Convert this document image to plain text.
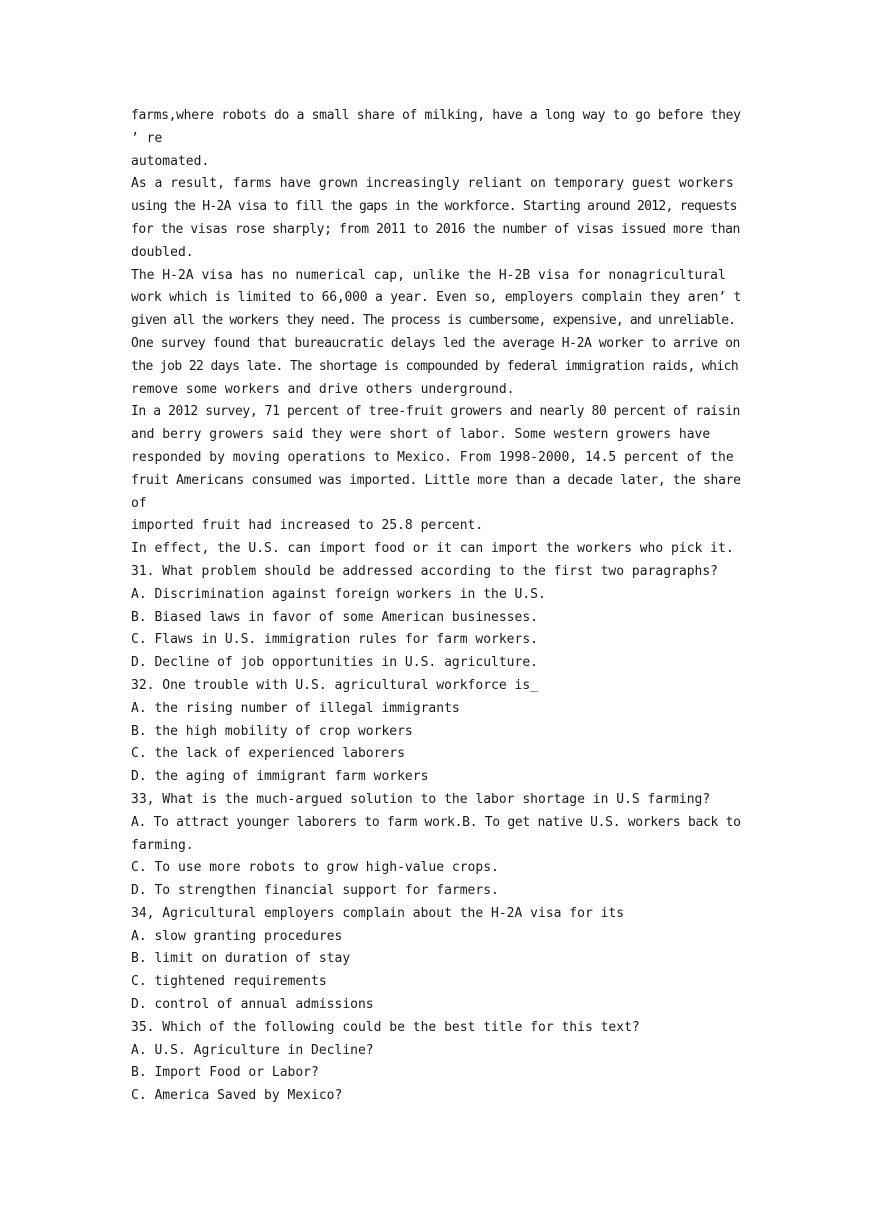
farms,where robots do a small share of milking, have a long way to go before they
’ re
automated.
As a result, farms have grown increasingly reliant on temporary guest workers
using the H-2A visa to fill the gaps in the workforce. Starting around 2012, requests
for the visas rose sharply; from 2011 to 2016 the number of visas issued more than
doubled.
The H-2A visa has no numerical cap, unlike the H-2B visa for nonagricultural
work which is limited to 66,000 a year. Even so, employers complain they aren’ t
given all the workers they need. The process is cumbersome, expensive, and unreliable.
One survey found that bureaucratic delays led the average H-2A worker to arrive on
the job 22 days late. The shortage is compounded by federal immigration raids, which
remove some workers and drive others underground.
In a 2012 survey, 71 percent of tree-fruit growers and nearly 80 percent of raisin
and berry growers said they were short of labor. Some western growers have
responded by moving operations to Mexico. From 1998-2000, 14.5 percent of the
fruit Americans consumed was imported. Little more than a decade later, the share
of
imported fruit had increased to 25.8 percent.
In effect, the U.S. can import food or it can import the workers who pick it.
31. What problem should be addressed according to the first two paragraphs?
A. Discrimination against foreign workers in the U.S.
B. Biased laws in favor of some American businesses.
C. Flaws in U.S. immigration rules for farm workers.
D. Decline of job opportunities in U.S. agriculture.
32. One trouble with U.S. agricultural workforce is_
A. the rising number of illegal immigrants
B. the high mobility of crop workers
C. the lack of experienced laborers
D. the aging of immigrant farm workers
33, What is the much-argued solution to the labor shortage in U.S farming?
A. To attract younger laborers to farm work.B. To get native U.S. workers back to
farming.
C. To use more robots to grow high-value crops.
D. To strengthen financial support for farmers.
34, Agricultural employers complain about the H-2A visa for its
A. slow granting procedures
B. limit on duration of stay
C. tightened requirements
D. control of annual admissions
35. Which of the following could be the best title for this text?
A. U.S. Agriculture in Decline?
B. Import Food or Labor?
C. America Saved by Mexico?
